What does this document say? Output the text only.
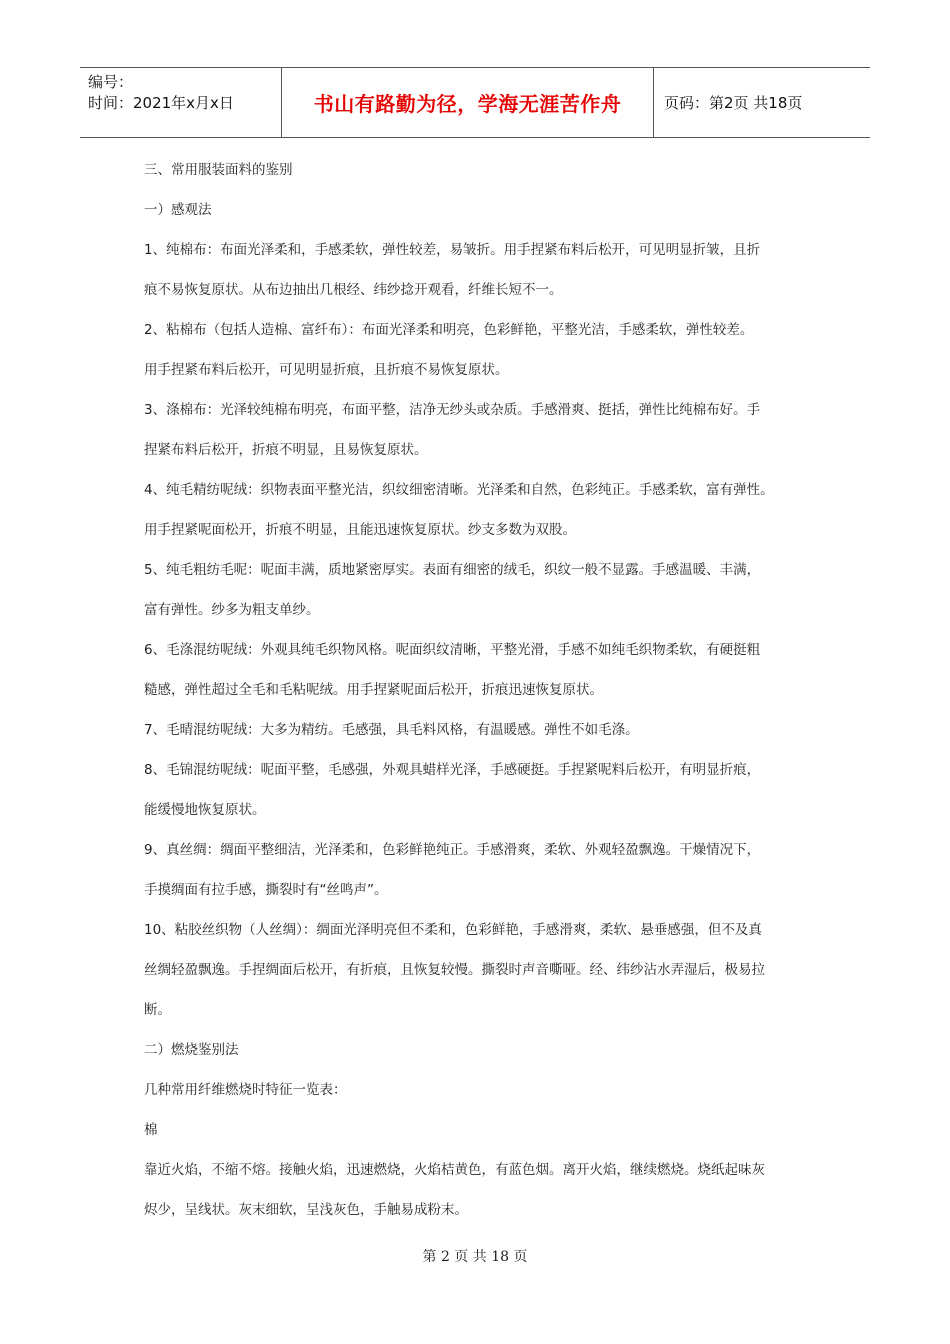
编号：
时间：2021年x月x日	书山有路勤为径，学海无涯苦作舟	页码：第2页 共18页
三、常用服装面料的鉴别
一）感观法
1、纯棉布：布面光泽柔和，手感柔软，弹性较差，易皱折。用手捏紧布料后松开，可见明显折皱，且折
痕不易恢复原状。从布边抽出几根经、纬纱捻开观看，纤维长短不一。
2、粘棉布（包括人造棉、富纤布）：布面光泽柔和明亮，色彩鲜艳，平整光洁，手感柔软，弹性较差。
用手捏紧布料后松开，可见明显折痕，且折痕不易恢复原状。
3、涤棉布：光泽较纯棉布明亮，布面平整，洁净无纱头或杂质。手感滑爽、挺括，弹性比纯棉布好。手
捏紧布料后松开，折痕不明显，且易恢复原状。
4、纯毛精纺呢绒：织物表面平整光洁，织纹细密清晰。光泽柔和自然，色彩纯正。手感柔软，富有弹性。
用手捏紧呢面松开，折痕不明显，且能迅速恢复原状。纱支多数为双股。
5、纯毛粗纺毛呢：呢面丰满，质地紧密厚实。表面有细密的绒毛，织纹一般不显露。手感温暖、丰满，
富有弹性。纱多为粗支单纱。
6、毛涤混纺呢绒：外观具纯毛织物风格。呢面织纹清晰，平整光滑，手感不如纯毛织物柔软，有硬挺粗
糙感，弹性超过全毛和毛粘呢绒。用手捏紧呢面后松开，折痕迅速恢复原状。
7、毛晴混纺呢绒：大多为精纺。毛感强，具毛料风格，有温暖感。弹性不如毛涤。
8、毛锦混纺呢绒：呢面平整，毛感强，外观具蜡样光泽，手感硬挺。手捏紧呢料后松开，有明显折痕，
能缓慢地恢复原状。
9、真丝绸：绸面平整细洁，光泽柔和，色彩鲜艳纯正。手感滑爽，柔软、外观轻盈飘逸。干燥情况下，
手摸绸面有拉手感，撕裂时有“丝鸣声”。
10、粘胶丝织物（人丝绸）：绸面光泽明亮但不柔和，色彩鲜艳，手感滑爽，柔软、悬垂感强，但不及真
丝绸轻盈飘逸。手捏绸面后松开，有折痕，且恢复较慢。撕裂时声音嘶哑。经、纬纱沾水弄湿后，极易拉
断。
二）燃烧鉴别法
几种常用纤维燃烧时特征一览表：
棉
靠近火焰，不缩不熔。接触火焰，迅速燃烧，火焰桔黄色，有蓝色烟。离开火焰，继续燃烧。烧纸起味灰
烬少，呈线状。灰末细软，呈浅灰色，手触易成粉末。
第 2 页 共 18 页
